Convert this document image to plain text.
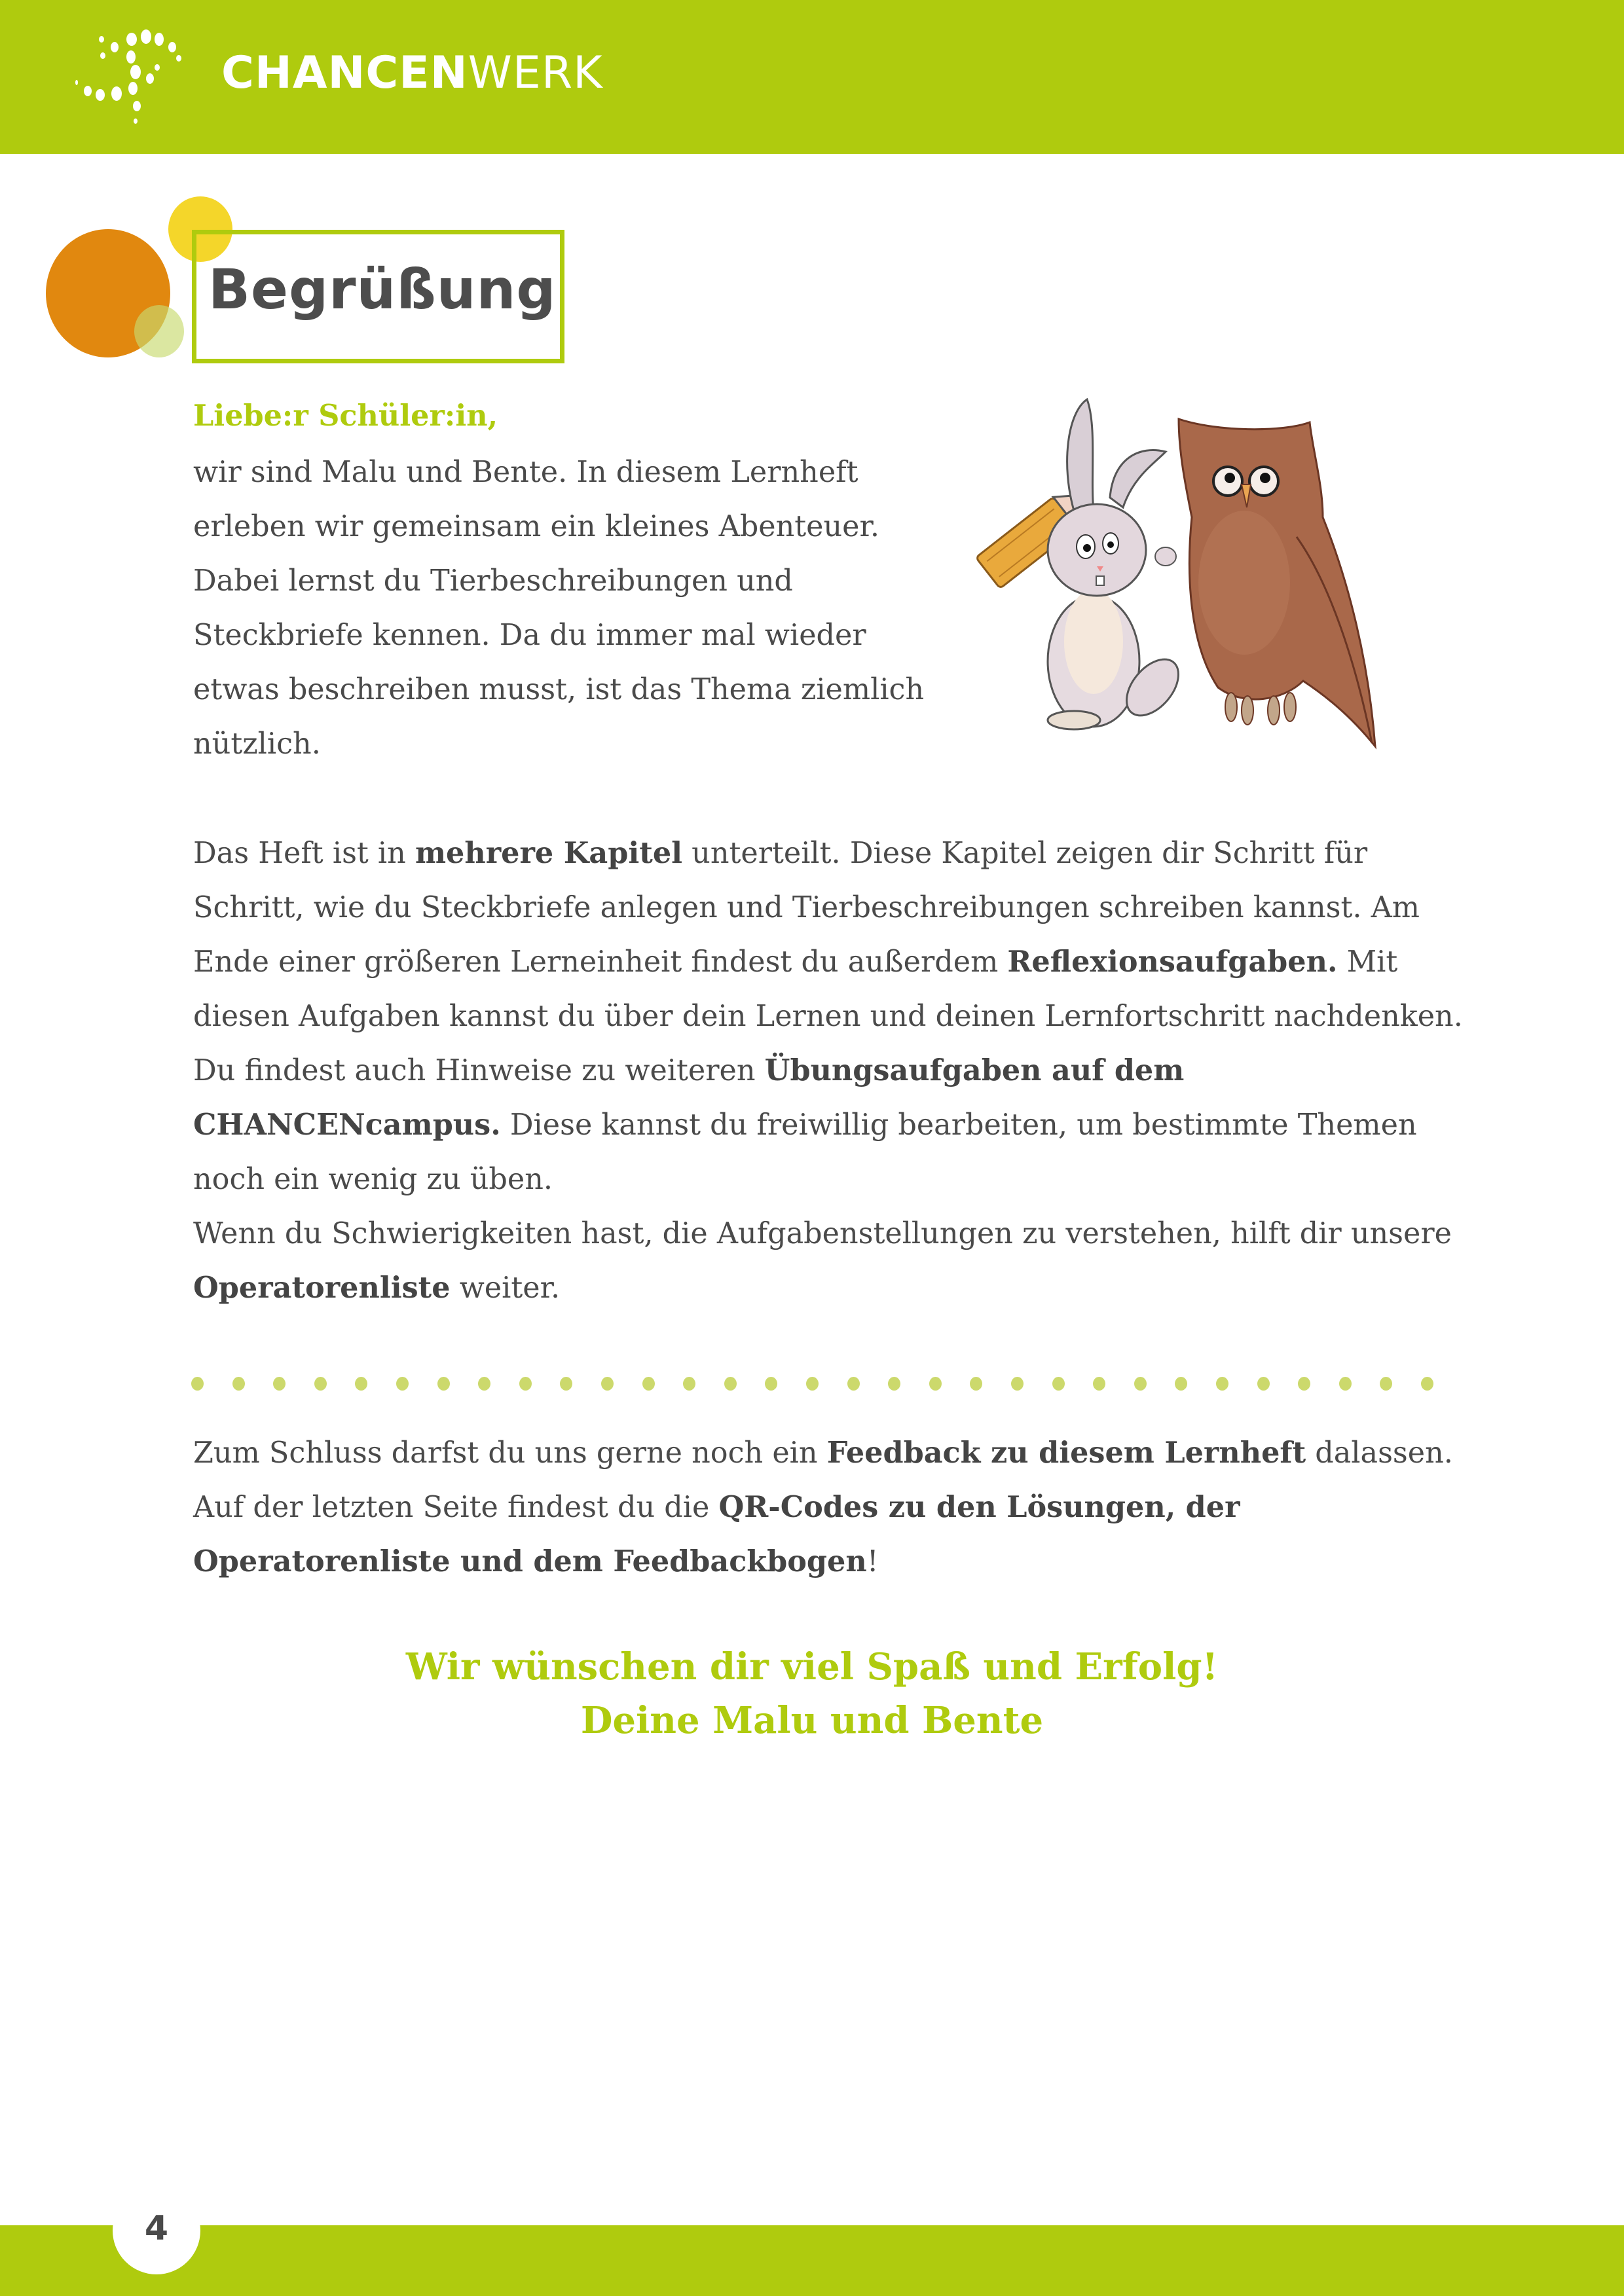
CHANCENWERK
Begrüßung
Liebe:r Schüler:in,

wir sind Malu und Bente. In diesem Lernheft erleben wir gemeinsam ein kleines Abenteuer. Dabei lernst du Tierbeschreibungen und Steckbriefe kennen. Da du immer mal wieder etwas beschreiben musst, ist das Thema ziemlich nützlich.

Das Heft ist in mehrere Kapitel unterteilt. Diese Kapitel zeigen dir Schritt für Schritt, wie du Steckbriefe anlegen und Tierbeschreibungen schreiben kannst. Am Ende einer größeren Lerneinheit findest du außerdem Reflexionsaufgaben. Mit diesen Aufgaben kannst du über dein Lernen und deinen Lernfortschritt nachdenken. Du findest auch Hinweise zu weiteren Übungsaufgaben auf dem CHANCENcampus. Diese kannst du freiwillig bearbeiten, um bestimmte Themen noch ein wenig zu üben.
Wenn du Schwierigkeiten hast, die Aufgabenstellungen zu verstehen, hilft dir unsere Operatorenliste weiter.

Zum Schluss darfst du uns gerne noch ein Feedback zu diesem Lernheft dalassen.
Auf der letzten Seite findest du die QR-Codes zu den Lösungen, der Operatorenliste und dem Feedbackbogen!

Wir wünschen dir viel Spaß und Erfolg!
Deine Malu und Bente
4
